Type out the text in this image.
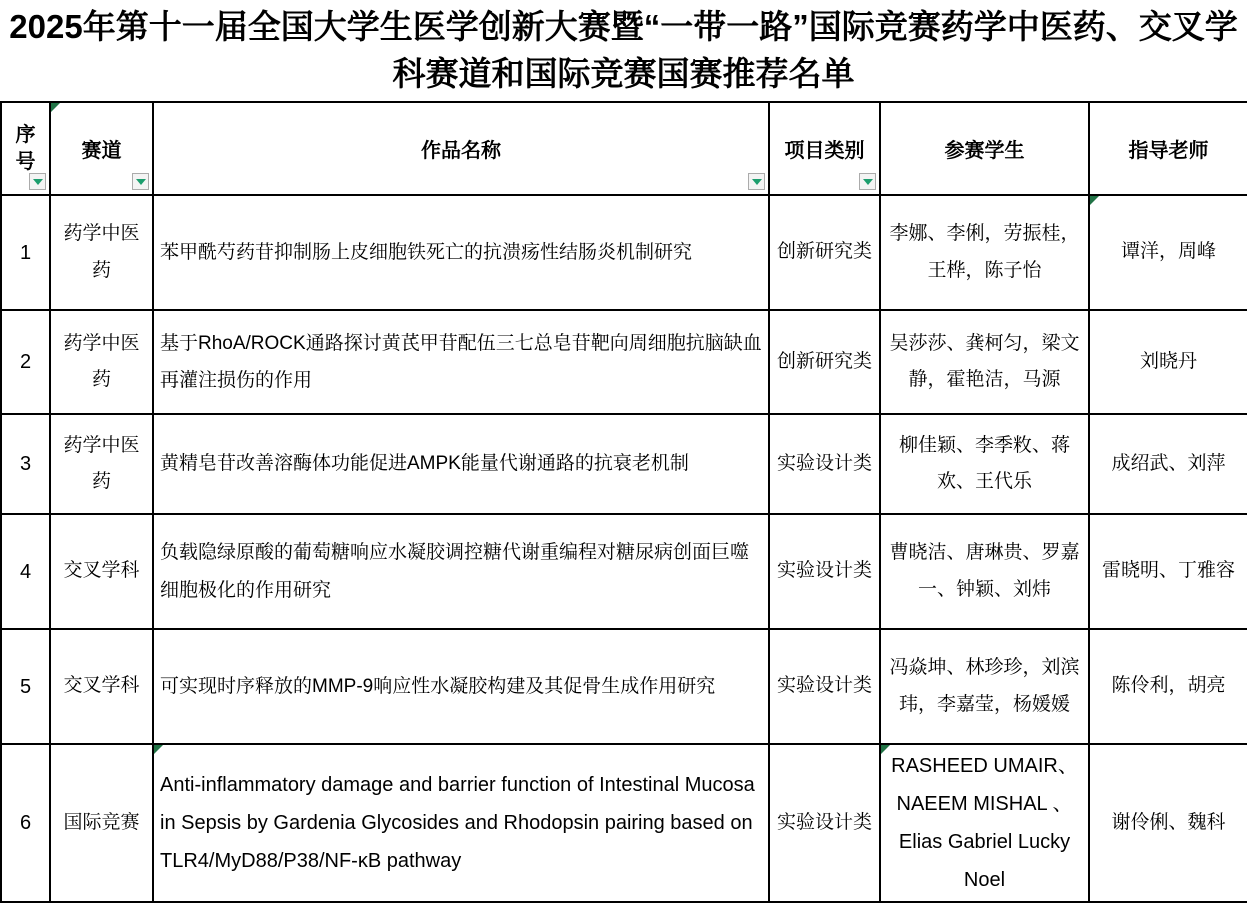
2025年第十一届全国大学生医学创新大赛暨“一带一路”国际竞赛药学中医药、交叉学科赛道和国际竞赛国赛推荐名单
序号	赛道	作品名称	项目类别	参赛学生	指导老师
1	药学中医药	苯甲酰芍药苷抑制肠上皮细胞铁死亡的抗溃疡性结肠炎机制研究	创新研究类	李娜、李俐，劳振桂，王桦，陈子怡	谭洋，周峰
2	药学中医药	基于RhoA/ROCK通路探讨黄芪甲苷配伍三七总皂苷靶向周细胞抗脑缺血再灌注损伤的作用	创新研究类	吴莎莎、龚柯匀，梁文静，霍艳洁，马源	刘晓丹
3	药学中医药	黄精皂苷改善溶酶体功能促进AMPK能量代谢通路的抗衰老机制	实验设计类	柳佳颖、李季敉、蒋欢、王代乐	成绍武、刘萍
4	交叉学科	负载隐绿原酸的葡萄糖响应水凝胶调控糖代谢重编程对糖尿病创面巨噬细胞极化的作用研究	实验设计类	曹晓洁、唐琳贵、罗嘉一、钟颖、刘炜	雷晓明、丁雅容
5	交叉学科	可实现时序释放的MMP-9响应性水凝胶构建及其促骨生成作用研究	实验设计类	冯焱坤、林珍珍，刘滨玮，李嘉莹，杨媛媛	陈伶利，胡亮
6	国际竞赛	Anti-inflammatory damage and barrier function of Intestinal Mucosa in Sepsis by Gardenia Glycosides and Rhodopsin pairing based on TLR4/MyD88/P38/NF-κB pathway	实验设计类	RASHEED UMAIR、NAEEM MISHAL 、Elias Gabriel Lucky Noel	谢伶俐、魏科
